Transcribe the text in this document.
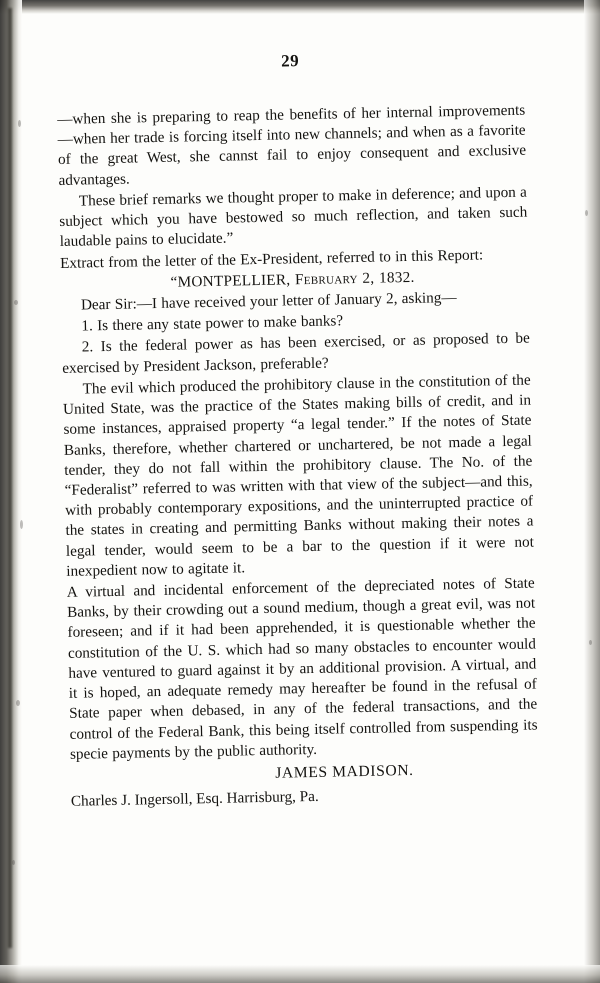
29

—when she is preparing to reap the benefits of her internal improvements—when her trade is forcing itself into new channels; and when as a favorite of the great West, she cannst fail to enjoy consequent and exclusive advantages.

These brief remarks we thought proper to make in deference; and upon a subject which you have bestowed so much reflection, and taken such laudable pains to elucidate.”

Extract from the letter of the Ex-President, referred to in this Report:

“MONTPELLIER, February 2, 1832.

Dear Sir:—I have received your letter of January 2, asking—

1. Is there any state power to make banks?

2. Is the federal power as has been exercised, or as proposed to be exercised by President Jackson, preferable?

The evil which produced the prohibitory clause in the constitution of the United State, was the practice of the States making bills of credit, and in some instances, appraised property “a legal tender.” If the notes of State Banks, therefore, whether chartered or unchartered, be not made a legal tender, they do not fall within the prohibitory clause. The No. of the “Federalist” referred to was written with that view of the subject—and this, with probably contemporary expositions, and the uninterrupted practice of the states in creating and permitting Banks without making their notes a legal tender, would seem to be a bar to the question if it were not inexpedient now to agitate it.

A virtual and incidental enforcement of the depreciated notes of State Banks, by their crowding out a sound medium, though a great evil, was not foreseen; and if it had been apprehended, it is questionable whether the constitution of the U. S. which had so many obstacles to encounter would have ventured to guard against it by an additional provision. A virtual, and it is hoped, an adequate remedy may hereafter be found in the refusal of State paper when debased, in any of the federal transactions, and the control of the Federal Bank, this being itself controlled from suspending its specie payments by the public authority.

JAMES MADISON.
Charles J. Ingersoll, Esq. Harrisburg, Pa.
